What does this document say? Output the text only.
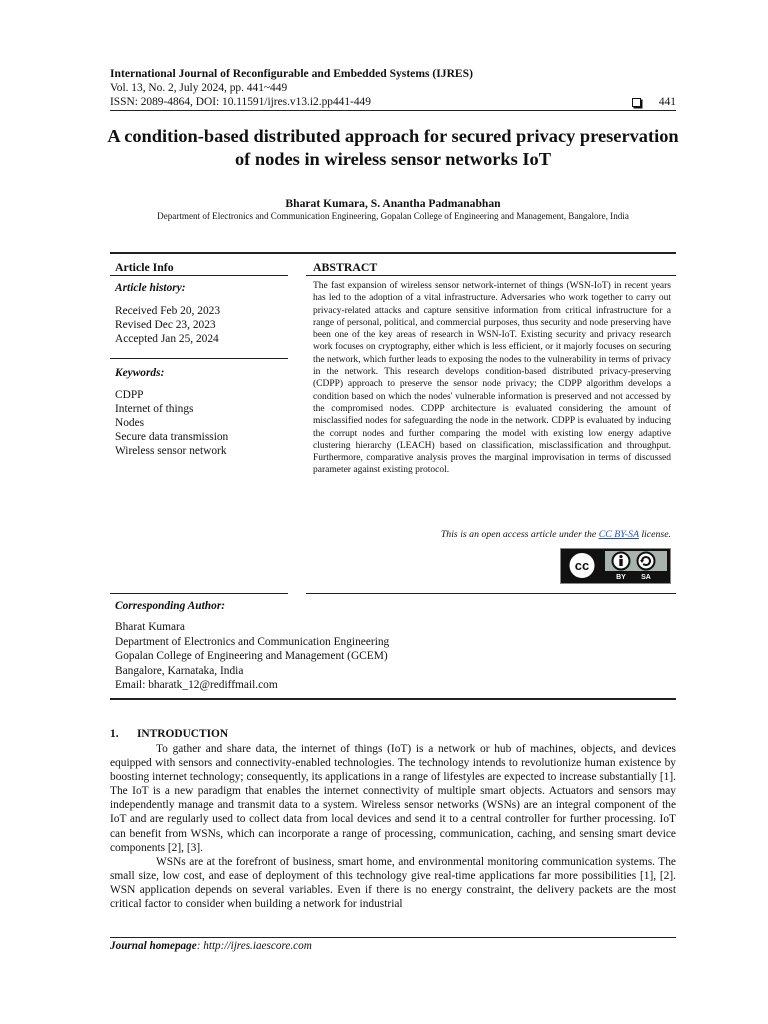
International Journal of Reconfigurable and Embedded Systems (IJRES)
Vol. 13, No. 2, July 2024, pp. 441~449
ISSN: 2089-4864, DOI: 10.11591/ijres.v13.i2.pp441-449	441
A condition-based distributed approach for secured privacy preservation of nodes in wireless sensor networks IoT
Bharat Kumara, S. Anantha Padmanabhan
Department of Electronics and Communication Engineering, Gopalan College of Engineering and Management, Bangalore, India
Article Info	ABSTRACT
Article history:
Received Feb 20, 2023
Revised Dec 23, 2023
Accepted Jan 25, 2024
Keywords:
CDPP
Internet of things
Nodes
Secure data transmission
Wireless sensor network
The fast expansion of wireless sensor network-internet of things (WSN-IoT) in recent years has led to the adoption of a vital infrastructure. Adversaries who work together to carry out privacy-related attacks and capture sensitive information from critical infrastructure for a range of personal, political, and commercial purposes, thus security and node preserving have been one of the key areas of research in WSN-IoT. Existing security and privacy research work focuses on cryptography, either which is less efficient, or it majorly focuses on securing the network, which further leads to exposing the nodes to the vulnerability in terms of privacy in the network. This research develops condition-based distributed privacy-preserving (CDPP) approach to preserve the sensor node privacy; the CDPP algorithm develops a condition based on which the nodes' vulnerable information is preserved and not accessed by the compromised nodes. CDPP architecture is evaluated considering the amount of misclassified nodes for safeguarding the node in the network. CDPP is evaluated by inducing the corrupt nodes and further comparing the model with existing low energy adaptive clustering hierarchy (LEACH) based on classification, misclassification and throughput. Furthermore, comparative analysis proves the marginal improvisation in terms of discussed parameter against existing protocol.
This is an open access article under the CC BY-SA license.
cc
BY SA
Corresponding Author:
Bharat Kumara
Department of Electronics and Communication Engineering
Gopalan College of Engineering and Management (GCEM)
Bangalore, Karnataka, India
Email: bharatk_12@rediffmail.com
1.	INTRODUCTION

To gather and share data, the internet of things (IoT) is a network or hub of machines, objects, and devices equipped with sensors and connectivity-enabled technologies. The technology intends to revolutionize human existence by boosting internet technology; consequently, its applications in a range of lifestyles are expected to increase substantially [1]. The IoT is a new paradigm that enables the internet connectivity of multiple smart objects. Actuators and sensors may independently manage and transmit data to a system. Wireless sensor networks (WSNs) are an integral component of the IoT and are regularly used to collect data from local devices and send it to a central controller for further processing. IoT can benefit from WSNs, which can incorporate a range of processing, communication, caching, and sensing smart device components [2], [3].

WSNs are at the forefront of business, smart home, and environmental monitoring communication systems. The small size, low cost, and ease of deployment of this technology give real-time applications far more possibilities [1], [2]. WSN application depends on several variables. Even if there is no energy constraint, the delivery packets are the most critical factor to consider when building a network for industrial

Journal homepage: http://ijres.iaescore.com
